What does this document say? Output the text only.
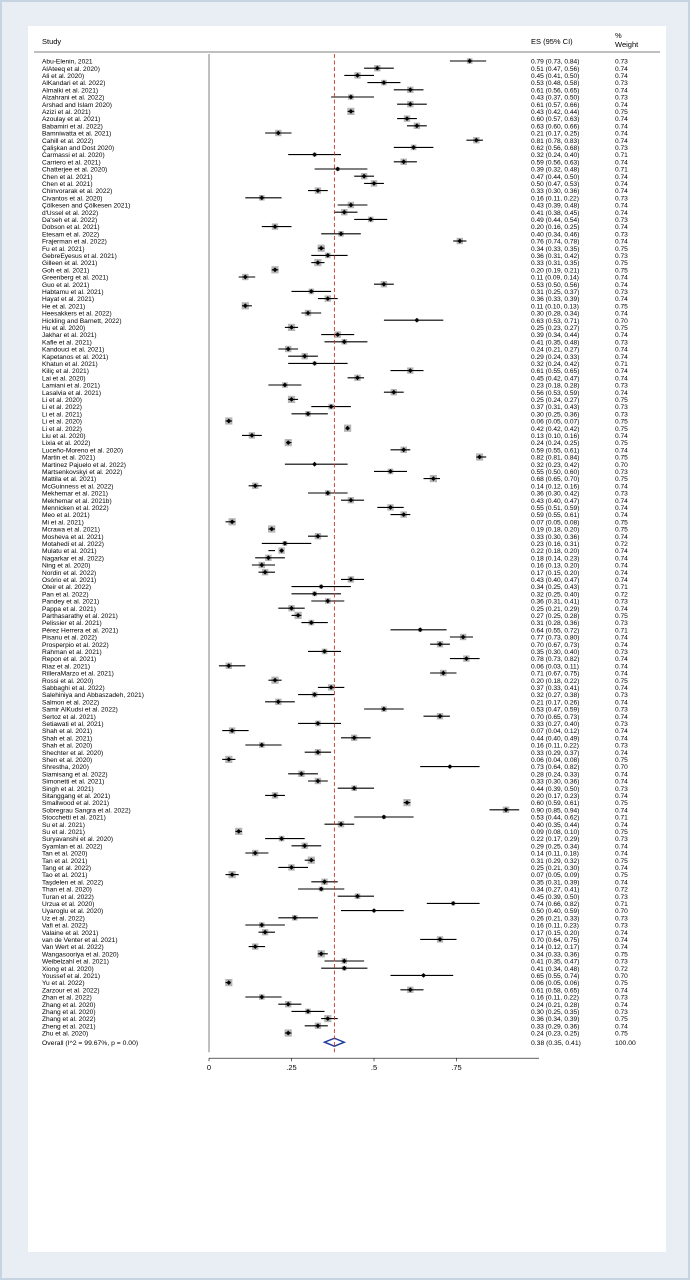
Study	ES (95% CI)
%
Weight
Abu-Elenin, 2021	0.79 (0.73, 0.84)	0.73
AlAteeq et al. 2020)	0.51 (0.47, 0.56)	0.74
Ali et al. 2020)	0.45 (0.41, 0.50)	0.74
AlKandari et al. 2022)	0.53 (0.48, 0.58)	0.73
Almalki et al. 2021)	0.61 (0.56, 0.65)	0.74
Alzahrani et al. 2022)	0.43 (0.37, 0.50)	0.73
Arshad and Islam 2020)	0.61 (0.57, 0.66)	0.74
Azizi et al. 2021)	0.43 (0.42, 0.44)	0.75
Azoulay et al. 2021)	0.60 (0.57, 0.63)	0.74
Babamiri et al. 2022)	0.63 (0.60, 0.66)	0.74
Bamniwatta et al. 2021)	0.21 (0.17, 0.25)	0.74
Cahill et al. 2022)	0.81 (0.78, 0.83)	0.74
Çalişkan and Dost 2020)	0.62 (0.56, 0.68)	0.73
Carmassi et al. 2020)	0.32 (0.24, 0.40)	0.71
Carriero et al. 2021)	0.59 (0.56, 0.63)	0.74
Chatterjee et al. 2020)	0.39 (0.32, 0.48)	0.71
Chen et al. 2021)	0.47 (0.44, 0.50)	0.74
Chen et al. 2021)	0.50 (0.47, 0.53)	0.74
Chinvorarak et al. 2022)	0.33 (0.30, 0.36)	0.74
Civantos et al. 2020)	0.16 (0.11, 0.22)	0.73
Çölkesen and Çölkesen 2021)	0.43 (0.39, 0.48)	0.74
d'Ussel et al. 2022)	0.41 (0.38, 0.45)	0.74
Da'seh et al. 2022)	0.49 (0.44, 0.54)	0.73
Dobson et al. 2021)	0.20 (0.16, 0.25)	0.74
Etesam et al. 2022)	0.40 (0.34, 0.46)	0.73
Frajerman et al. 2022)	0.76 (0.74, 0.78)	0.74
Fu et al. 2021)	0.34 (0.33, 0.35)	0.75
GebreEyesus et al. 2021)	0.36 (0.31, 0.42)	0.73
Gilleen et al. 2021)	0.33 (0.31, 0.35)	0.75
Goh et al. 2021)	0.20 (0.19, 0.21)	0.75
Greenberg et al. 2021)	0.11 (0.09, 0.14)	0.74
Guo et al. 2021)	0.53 (0.50, 0.56)	0.74
Habtamu et al. 2021)	0.31 (0.25, 0.37)	0.73
Hayat et al. 2021)	0.36 (0.33, 0.39)	0.74
He et al. 2021)	0.11 (0.10, 0.13)	0.75
Heesakkers et al. 2022)	0.30 (0.28, 0.34)	0.74
Hickling and Barnett, 2022)	0.63 (0.53, 0.71)	0.70
Hu et al. 2020)	0.25 (0.23, 0.27)	0.75
Jakhar et al. 2021)	0.39 (0.34, 0.44)	0.74
Kafle et al. 2021)	0.41 (0.35, 0.48)	0.73
Kandouci et al. 2021)	0.24 (0.21, 0.27)	0.74
Kapetanos et al. 2021)	0.29 (0.24, 0.33)	0.74
Khatun et al. 2021)	0.32 (0.24, 0.42)	0.71
Kiliç et al. 2021)	0.61 (0.55, 0.65)	0.74
Lai et al. 2020)	0.45 (0.42, 0.47)	0.74
Lamiani et al. 2021)	0.23 (0.18, 0.28)	0.73
Lasalvia et al. 2021)	0.56 (0.53, 0.59)	0.74
Li et al. 2020)	0.25 (0.24, 0.27)	0.75
Li et al. 2022)	0.37 (0.31, 0.43)	0.73
Li et al. 2021)	0.30 (0.25, 0.36)	0.73
Li et al. 2020)	0.06 (0.05, 0.07)	0.75
Li et al. 2022)	0.42 (0.42, 0.42)	0.75
Liu et al. 2020)	0.13 (0.10, 0.16)	0.74
Lixia et al. 2022)	0.24 (0.24, 0.25)	0.75
Luceño-Moreno et al. 2020)	0.59 (0.55, 0.61)	0.74
Martin et al. 2021)	0.82 (0.81, 0.84)	0.75
Martinez Pajuelo et al. 2022)	0.32 (0.23, 0.42)	0.70
Martsenkovskyi et al. 2022)	0.55 (0.50, 0.60)	0.73
Mattila et al. 2021)	0.68 (0.65, 0.70)	0.75
McGuinness et al. 2022)	0.14 (0.12, 0.16)	0.74
Mekhemar et al. 2021)	0.36 (0.30, 0.42)	0.73
Mekhemar et al. 2021b)	0.43 (0.40, 0.47)	0.74
Mennicken et al. 2022)	0.55 (0.51, 0.59)	0.74
Meo et al. 2021)	0.59 (0.55, 0.61)	0.74
Mi et al. 2021)	0.07 (0.05, 0.08)	0.75
Mcrawa et al. 2021)	0.19 (0.18, 0.20)	0.75
Mosheva et al. 2021)	0.33 (0.30, 0.36)	0.74
Motahedi et al. 2022)	0.23 (0.16, 0.31)	0.72
Mulatu et al. 2021)	0.22 (0.18, 0.20)	0.74
Nagarkar et al. 2022)	0.18 (0.14, 0.23)	0.74
Ning et al. 2020)	0.16 (0.13, 0.20)	0.74
Nordin et al. 2022)	0.17 (0.15, 0.20)	0.74
Osório et al. 2021)	0.43 (0.40, 0.47)	0.74
Oteir et al. 2022)	0.34 (0.25, 0.43)	0.71
Pan et al. 2022)	0.32 (0.25, 0.40)	0.72
Pandey et al. 2021)	0.36 (0.31, 0.41)	0.73
Pappa et al. 2021)	0.25 (0.21, 0.29)	0.74
Parthasarathy et al. 2021)	0.27 (0.25, 0.28)	0.75
Pelissier et al. 2021)	0.31 (0.28, 0.36)	0.73
Pérez Herrera et al. 2021)	0.64 (0.55, 0.72)	0.71
Pisanu et al. 2022)	0.77 (0.73, 0.80)	0.74
Prosperpio et al. 2022)	0.70 (0.67, 0.73)	0.74
Rahman et al. 2021)	0.35 (0.30, 0.40)	0.73
Repon et al. 2021)	0.78 (0.73, 0.82)	0.74
Riaz et al. 2021)	0.06 (0.03, 0.11)	0.74
RilleraMarzo et al. 2021)	0.71 (0.67, 0.75)	0.74
Rossi et al. 2020)	0.20 (0.18, 0.22)	0.75
Sabbaghi et al. 2022)	0.37 (0.33, 0.41)	0.74
Salehiniya and Abbaszadeh, 2021)	0.32 (0.27, 0.38)	0.73
Salmon et al. 2022)	0.21 (0.17, 0.26)	0.74
Samir AlKudsi et al. 2022)	0.53 (0.47, 0.59)	0.73
Sertoz et al. 2021)	0.70 (0.65, 0.73)	0.74
Setiawati et al. 2021)	0.33 (0.27, 0.40)	0.73
Shah et al. 2021)	0.07 (0.04, 0.12)	0.74
Shah et al. 2021)	0.44 (0.40, 0.49)	0.74
Shah et al. 2020)	0.16 (0.11, 0.22)	0.73
Shechter et al. 2020)	0.33 (0.29, 0.37)	0.74
Shen et al. 2020)	0.06 (0.04, 0.08)	0.75
Shrestha, 2020)	0.73 (0.64, 0.82)	0.70
Siamisang et al. 2022)	0.28 (0.24, 0.33)	0.74
Simonetti et al. 2021)	0.33 (0.30, 0.36)	0.74
Singh et al. 2021)	0.44 (0.39, 0.50)	0.73
Sitanggang et al. 2021)	0.20 (0.17, 0.23)	0.74
Smallwood et al. 2021)	0.60 (0.59, 0.61)	0.75
Sobregrau Sangra et al. 2022)	0.90 (0.85, 0.94)	0.74
Stocchetti et al. 2021)	0.53 (0.44, 0.62)	0.71
Su et al. 2021)	0.40 (0.35, 0.44)	0.74
Su et al. 2021)	0.09 (0.08, 0.10)	0.75
Suryavanshi et al. 2020)	0.22 (0.17, 0.29)	0.73
Syamlan et al. 2022)	0.29 (0.25, 0.34)	0.74
Tan et al. 2020)	0.14 (0.11, 0.18)	0.74
Tan et al. 2021)	0.31 (0.29, 0.32)	0.75
Tang et al. 2022)	0.25 (0.21, 0.30)	0.74
Tao et al. 2021)	0.07 (0.05, 0.09)	0.75
Taşdelen et al. 2022)	0.35 (0.31, 0.39)	0.74
Than et al. 2020)	0.34 (0.27, 0.41)	0.72
Turan et al. 2022)	0.45 (0.39, 0.50)	0.73
Urzua et al. 2020)	0.74 (0.66, 0.82)	0.71
Uyaroglu et al. 2020)	0.50 (0.40, 0.59)	0.70
Uz et al. 2022)	0.26 (0.21, 0.33)	0.73
Vafi et al. 2022)	0.16 (0.11, 0.23)	0.73
Valaine et al. 2021)	0.17 (0.15, 0.20)	0.74
van de Venter et al. 2021)	0.70 (0.64, 0.75)	0.74
Van Wert et al. 2022)	0.14 (0.12, 0.17)	0.74
Wangasooriya et al. 2020)	0.34 (0.33, 0.36)	0.75
Weibelzahl et al. 2021)	0.41 (0.35, 0.47)	0.73
Xiong et al. 2020)	0.41 (0.34, 0.48)	0.72
Youssef et al. 2021)	0.65 (0.55, 0.74)	0.70
Yu et al. 2022)	0.06 (0.05, 0.06)	0.75
Zarzour et al. 2022)	0.61 (0.58, 0.65)	0.74
Zhan et al. 2022)	0.16 (0.11, 0.22)	0.73
Zhang et al. 2020)	0.24 (0.21, 0.28)	0.74
Zhang et al. 2020)	0.30 (0.25, 0.35)	0.73
Zhang et al. 2022)	0.36 (0.34, 0.39)	0.75
Zheng et al. 2021)	0.33 (0.29, 0.36)	0.74
Zhu et al. 2020)	0.24 (0.23, 0.25)	0.75
Overall (I^2 = 99.67%, p = 0.00)	0.38 (0.35, 0.41)	100.00
0	.25	.5	.75
